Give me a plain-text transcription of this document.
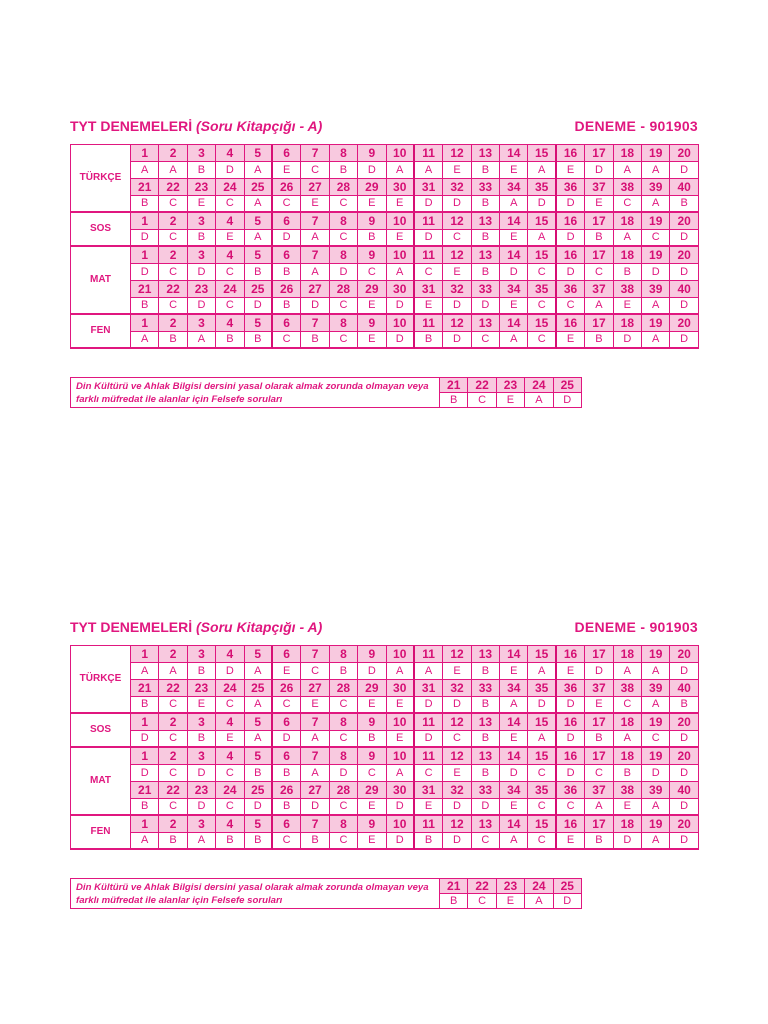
TYT DENEMELERİ (Soru Kitapçığı - A)	DENEME - 901903
TÜRKÇE
1	2	3	4	5	6	7	8	9	10	11	12	13	14	15	16	17	18	19	20
A	A	B	D	A	E	C	B	D	A	A	E	B	E	A	E	D	A	A	D
21	22	23	24	25	26	27	28	29	30	31	32	33	34	35	36	37	38	39	40
B	C	E	C	A	C	E	C	E	E	D	D	B	A	D	D	E	C	A	B
SOS
1	2	3	4	5	6	7	8	9	10	11	12	13	14	15	16	17	18	19	20
D	C	B	E	A	D	A	C	B	E	D	C	B	E	A	D	B	A	C	D
MAT
1	2	3	4	5	6	7	8	9	10	11	12	13	14	15	16	17	18	19	20
D	C	D	C	B	B	A	D	C	A	C	E	B	D	C	D	C	B	D	D
21	22	23	24	25	26	27	28	29	30	31	32	33	34	35	36	37	38	39	40
B	C	D	C	D	B	D	C	E	D	E	D	D	E	C	C	A	E	A	D
FEN
1	2	3	4	5	6	7	8	9	10	11	12	13	14	15	16	17	18	19	20
A	B	A	B	B	C	B	C	E	D	B	D	C	A	C	E	B	D	A	D
Din Kültürü ve Ahlak Bilgisi dersini yasal olarak almak zorunda olmayan veya farklı müfredat ile alanlar için Felsefe soruları
21	22	23	24	25
B	C	E	A	D
TYT DENEMELERİ (Soru Kitapçığı - A)	DENEME - 901903
TÜRKÇE
1	2	3	4	5	6	7	8	9	10	11	12	13	14	15	16	17	18	19	20
A	A	B	D	A	E	C	B	D	A	A	E	B	E	A	E	D	A	A	D
21	22	23	24	25	26	27	28	29	30	31	32	33	34	35	36	37	38	39	40
B	C	E	C	A	C	E	C	E	E	D	D	B	A	D	D	E	C	A	B
SOS
1	2	3	4	5	6	7	8	9	10	11	12	13	14	15	16	17	18	19	20
D	C	B	E	A	D	A	C	B	E	D	C	B	E	A	D	B	A	C	D
MAT
1	2	3	4	5	6	7	8	9	10	11	12	13	14	15	16	17	18	19	20
D	C	D	C	B	B	A	D	C	A	C	E	B	D	C	D	C	B	D	D
21	22	23	24	25	26	27	28	29	30	31	32	33	34	35	36	37	38	39	40
B	C	D	C	D	B	D	C	E	D	E	D	D	E	C	C	A	E	A	D
FEN
1	2	3	4	5	6	7	8	9	10	11	12	13	14	15	16	17	18	19	20
A	B	A	B	B	C	B	C	E	D	B	D	C	A	C	E	B	D	A	D
Din Kültürü ve Ahlak Bilgisi dersini yasal olarak almak zorunda olmayan veya farklı müfredat ile alanlar için Felsefe soruları
21	22	23	24	25
B	C	E	A	D
